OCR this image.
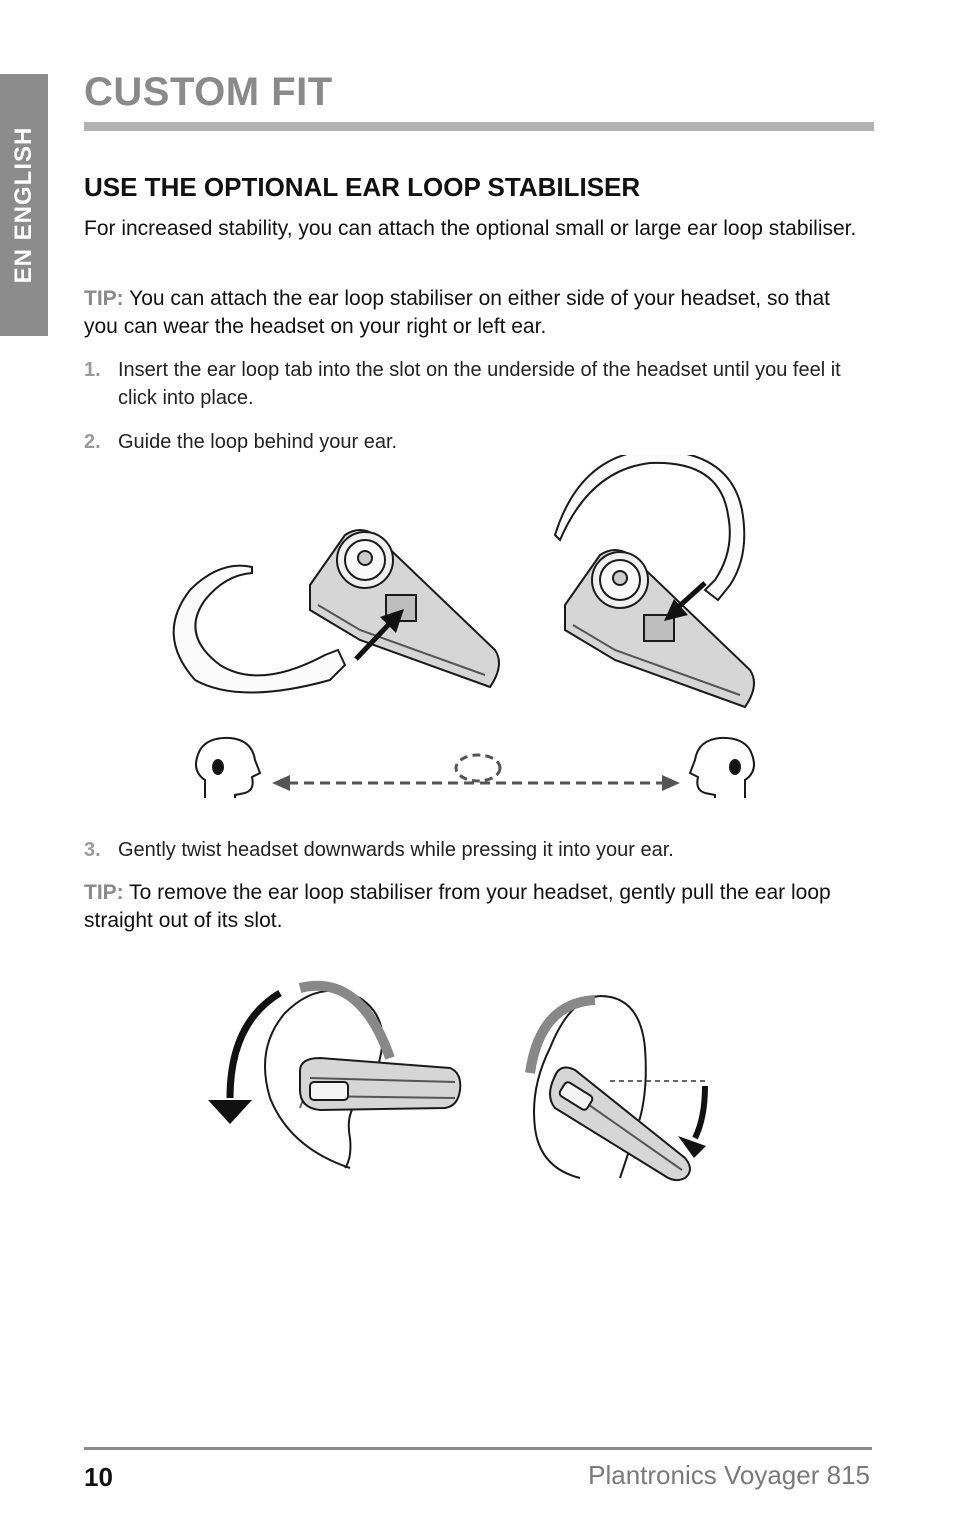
EN ENGLISH
CUSTOM FIT
USE THE OPTIONAL EAR LOOP STABILISER

For increased stability, you can attach the optional small or large ear loop stabiliser.

TIP: You can attach the ear loop stabiliser on either side of your headset, so that you can wear the headset on your right or left ear.

1. Insert the ear loop tab into the slot on the underside of the headset until you feel it click into place.
2. Guide the loop behind your ear.
3. Gently twist headset downwards while pressing it into your ear.

TIP: To remove the ear loop stabiliser from your headset, gently pull the ear loop straight out of its slot.

10	Plantronics Voyager 815
